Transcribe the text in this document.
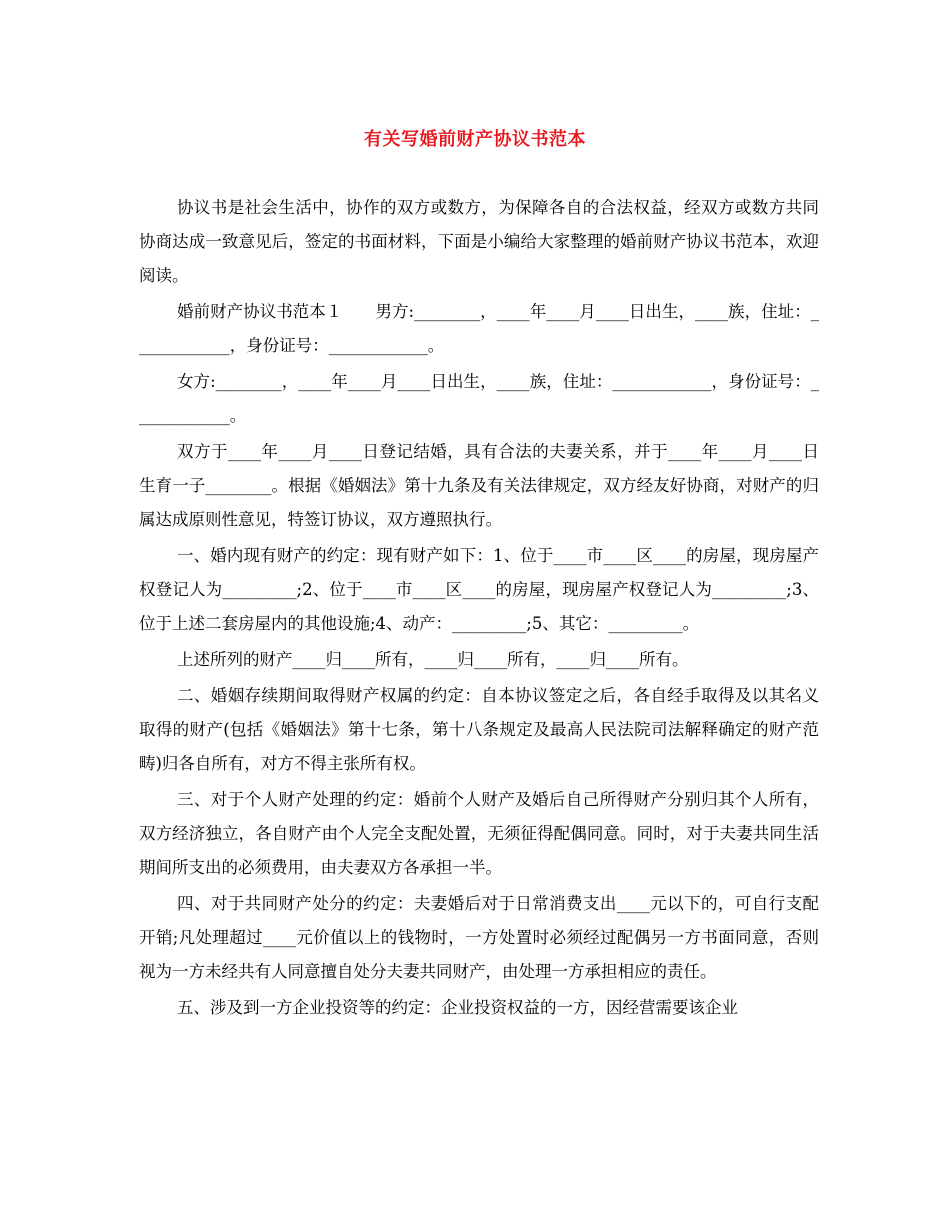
有关写婚前财产协议书范本

协议书是社会生活中，协作的双方或数方，为保障各自的合法权益，经双方或数方共同协商达成一致意见后，签定的书面材料，下面是小编给大家整理的婚前财产协议书范本，欢迎阅读。

婚前财产协议书范本１　　男方:________，____年____月____日出生，____族，住址：____________，身份证号：____________。

女方:________，____年____月____日出生，____族，住址：____________，身份证号：____________。

双方于____年____月____日登记结婚，具有合法的夫妻关系，并于____年____月____日生育一子________。根据《婚姻法》第十九条及有关法律规定，双方经友好协商，对财产的归属达成原则性意见，特签订协议，双方遵照执行。

一、婚内现有财产的约定：现有财产如下：1、位于____市____区____的房屋，现房屋产权登记人为_________;2、位于____市____区____的房屋，现房屋产权登记人为_________;3、位于上述二套房屋内的其他设施;4、动产：_________;5、其它：_________。

上述所列的财产____归____所有，____归____所有，____归____所有。

二、婚姻存续期间取得财产权属的约定：自本协议签定之后，各自经手取得及以其名义取得的财产(包括《婚姻法》第十七条，第十八条规定及最高人民法院司法解释确定的财产范畴)归各自所有，对方不得主张所有权。

三、对于个人财产处理的约定：婚前个人财产及婚后自己所得财产分别归其个人所有，双方经济独立，各自财产由个人完全支配处置，无须征得配偶同意。同时，对于夫妻共同生活期间所支出的必须费用，由夫妻双方各承担一半。

四、对于共同财产处分的约定：夫妻婚后对于日常消费支出____元以下的，可自行支配开销;凡处理超过____元价值以上的钱物时，一方处置时必须经过配偶另一方书面同意，否则视为一方未经共有人同意擅自处分夫妻共同财产，由处理一方承担相应的责任。

五、涉及到一方企业投资等的约定：企业投资权益的一方，因经营需要该企业
